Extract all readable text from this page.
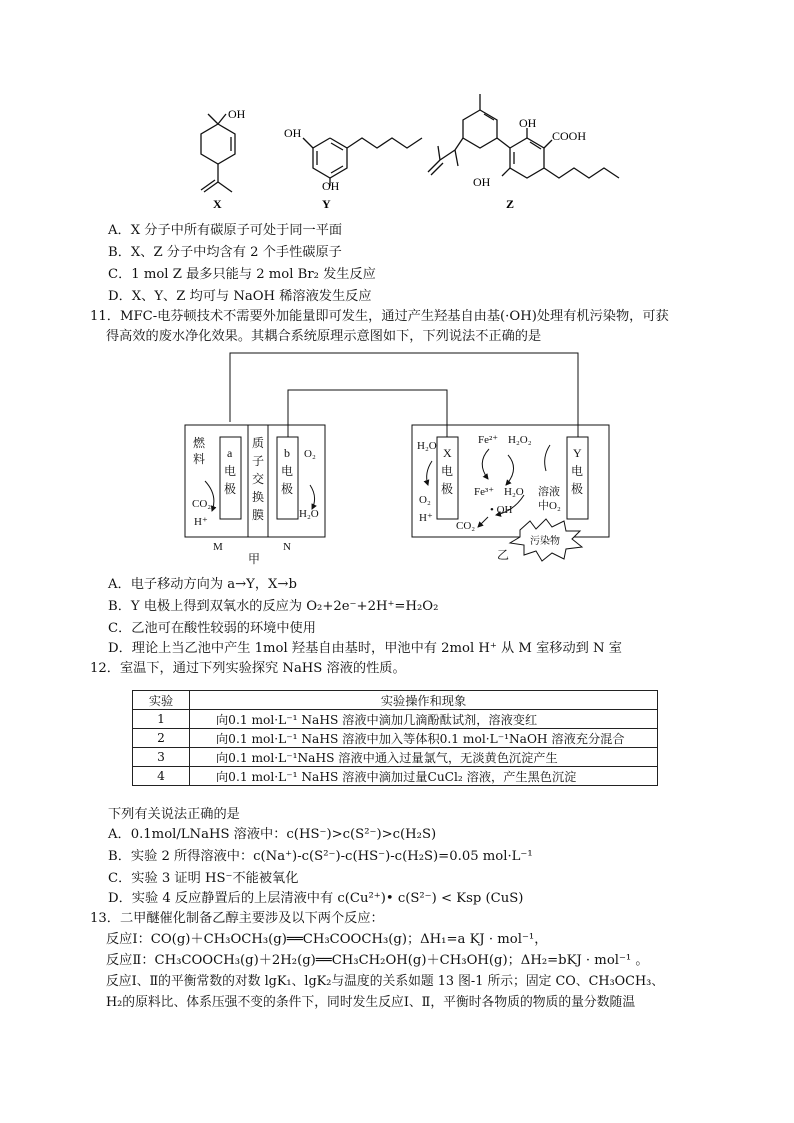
OH
X
OH
OH
Y
OH
COOH
OH
Z
A．X 分子中所有碳原子可处于同一平面
B．X、Z 分子中均含有 2 个手性碳原子
C．1 mol Z 最多只能与 2 mol Br₂ 发生反应
D．X、Y、Z 均可与 NaOH 稀溶液发生反应
11．MFC-电芬顿技术不需要外加能量即可发生，通过产生羟基自由基(·OH)处理有机污染物，可获
得高效的废水净化效果。其耦合系统原理示意图如下，下列说法不正确的是
燃
料
CO₂
H⁺
a
电
极
质
子
交
换
膜
b
电
极
O₂
H₂O
M	N
甲
H₂O
O₂
H⁺
X
电
极
Fe²⁺ H₂O₂
Fe³⁺ H₂O 溶液
中O₂
• OH
CO₂
Y
电
极
乙
污染物
A．电子移动方向为 a→Y，X→b
B．Y 电极上得到双氧水的反应为 O₂+2e⁻+2H⁺=H₂O₂
C．乙池可在酸性较弱的环境中使用
D．理论上当乙池中产生 1mol 羟基自由基时，甲池中有 2mol H⁺ 从 M 室移动到 N 室
12．室温下，通过下列实验探究 NaHS 溶液的性质。
实验	实验操作和现象
1	向0.1 mol·L⁻¹ NaHS 溶液中滴加几滴酚酞试剂，溶液变红
2	向0.1 mol·L⁻¹ NaHS 溶液中加入等体积0.1 mol·L⁻¹NaOH 溶液充分混合
3	向0.1 mol·L⁻¹NaHS 溶液中通入过量氯气，无淡黄色沉淀产生
4	向0.1 mol·L⁻¹ NaHS 溶液中滴加过量CuCl₂ 溶液，产生黑色沉淀
下列有关说法正确的是
A．0.1mol/LNaHS 溶液中：c(HS⁻)>c(S²⁻)>c(H₂S)
B．实验 2 所得溶液中：c(Na⁺)-c(S²⁻)-c(HS⁻)-c(H₂S)=0.05 mol·L⁻¹
C．实验 3 证明 HS⁻不能被氧化
D．实验 4 反应静置后的上层清液中有 c(Cu²⁺)• c(S²⁻) < Ksp (CuS)
13．二甲醚催化制备乙醇主要涉及以下两个反应：
反应Ⅰ：CO(g)＋CH₃OCH₃(g)══CH₃COOCH₃(g)；ΔH₁=a KJ · mol⁻¹，
反应Ⅱ：CH₃COOCH₃(g)＋2H₂(g)══CH₃CH₂OH(g)＋CH₃OH(g)；ΔH₂=bKJ · mol⁻¹ 。
反应Ⅰ、Ⅱ的平衡常数的对数 lgK₁、lgK₂与温度的关系如题 13 图-1 所示；固定 CO、CH₃OCH₃、
H₂的原料比、体系压强不变的条件下，同时发生反应Ⅰ、Ⅱ，平衡时各物质的物质的量分数随温
